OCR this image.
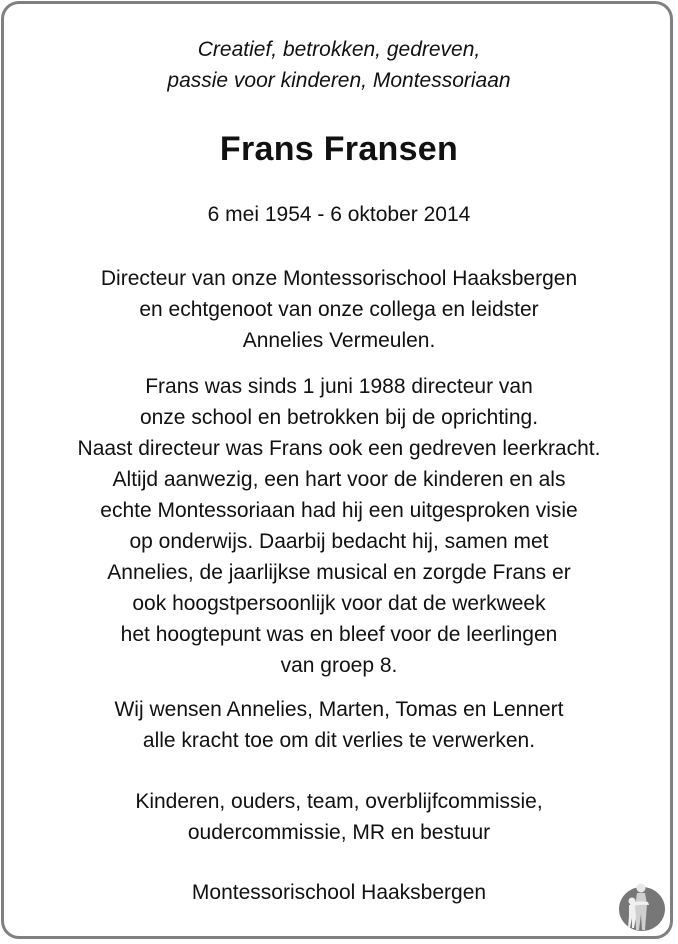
Creatief, betrokken, gedreven,
passie voor kinderen, Montessoriaan
Frans Fransen
6 mei 1954 - 6 oktober 2014
Directeur van onze Montessorischool Haaksbergen
en echtgenoot van onze collega en leidster
Annelies Vermeulen.
Frans was sinds 1 juni 1988 directeur van
onze school en betrokken bij de oprichting.
Naast directeur was Frans ook een gedreven leerkracht.
Altijd aanwezig, een hart voor de kinderen en als
echte Montessoriaan had hij een uitgesproken visie
op onderwijs. Daarbij bedacht hij, samen met
Annelies, de jaarlijkse musical en zorgde Frans er
ook hoogstpersoonlijk voor dat de werkweek
het hoogtepunt was en bleef voor de leerlingen
van groep 8.
Wij wensen Annelies, Marten, Tomas en Lennert
alle kracht toe om dit verlies te verwerken.
Kinderen, ouders, team, overblijfcommissie,
oudercommissie, MR en bestuur
Montessorischool Haaksbergen
